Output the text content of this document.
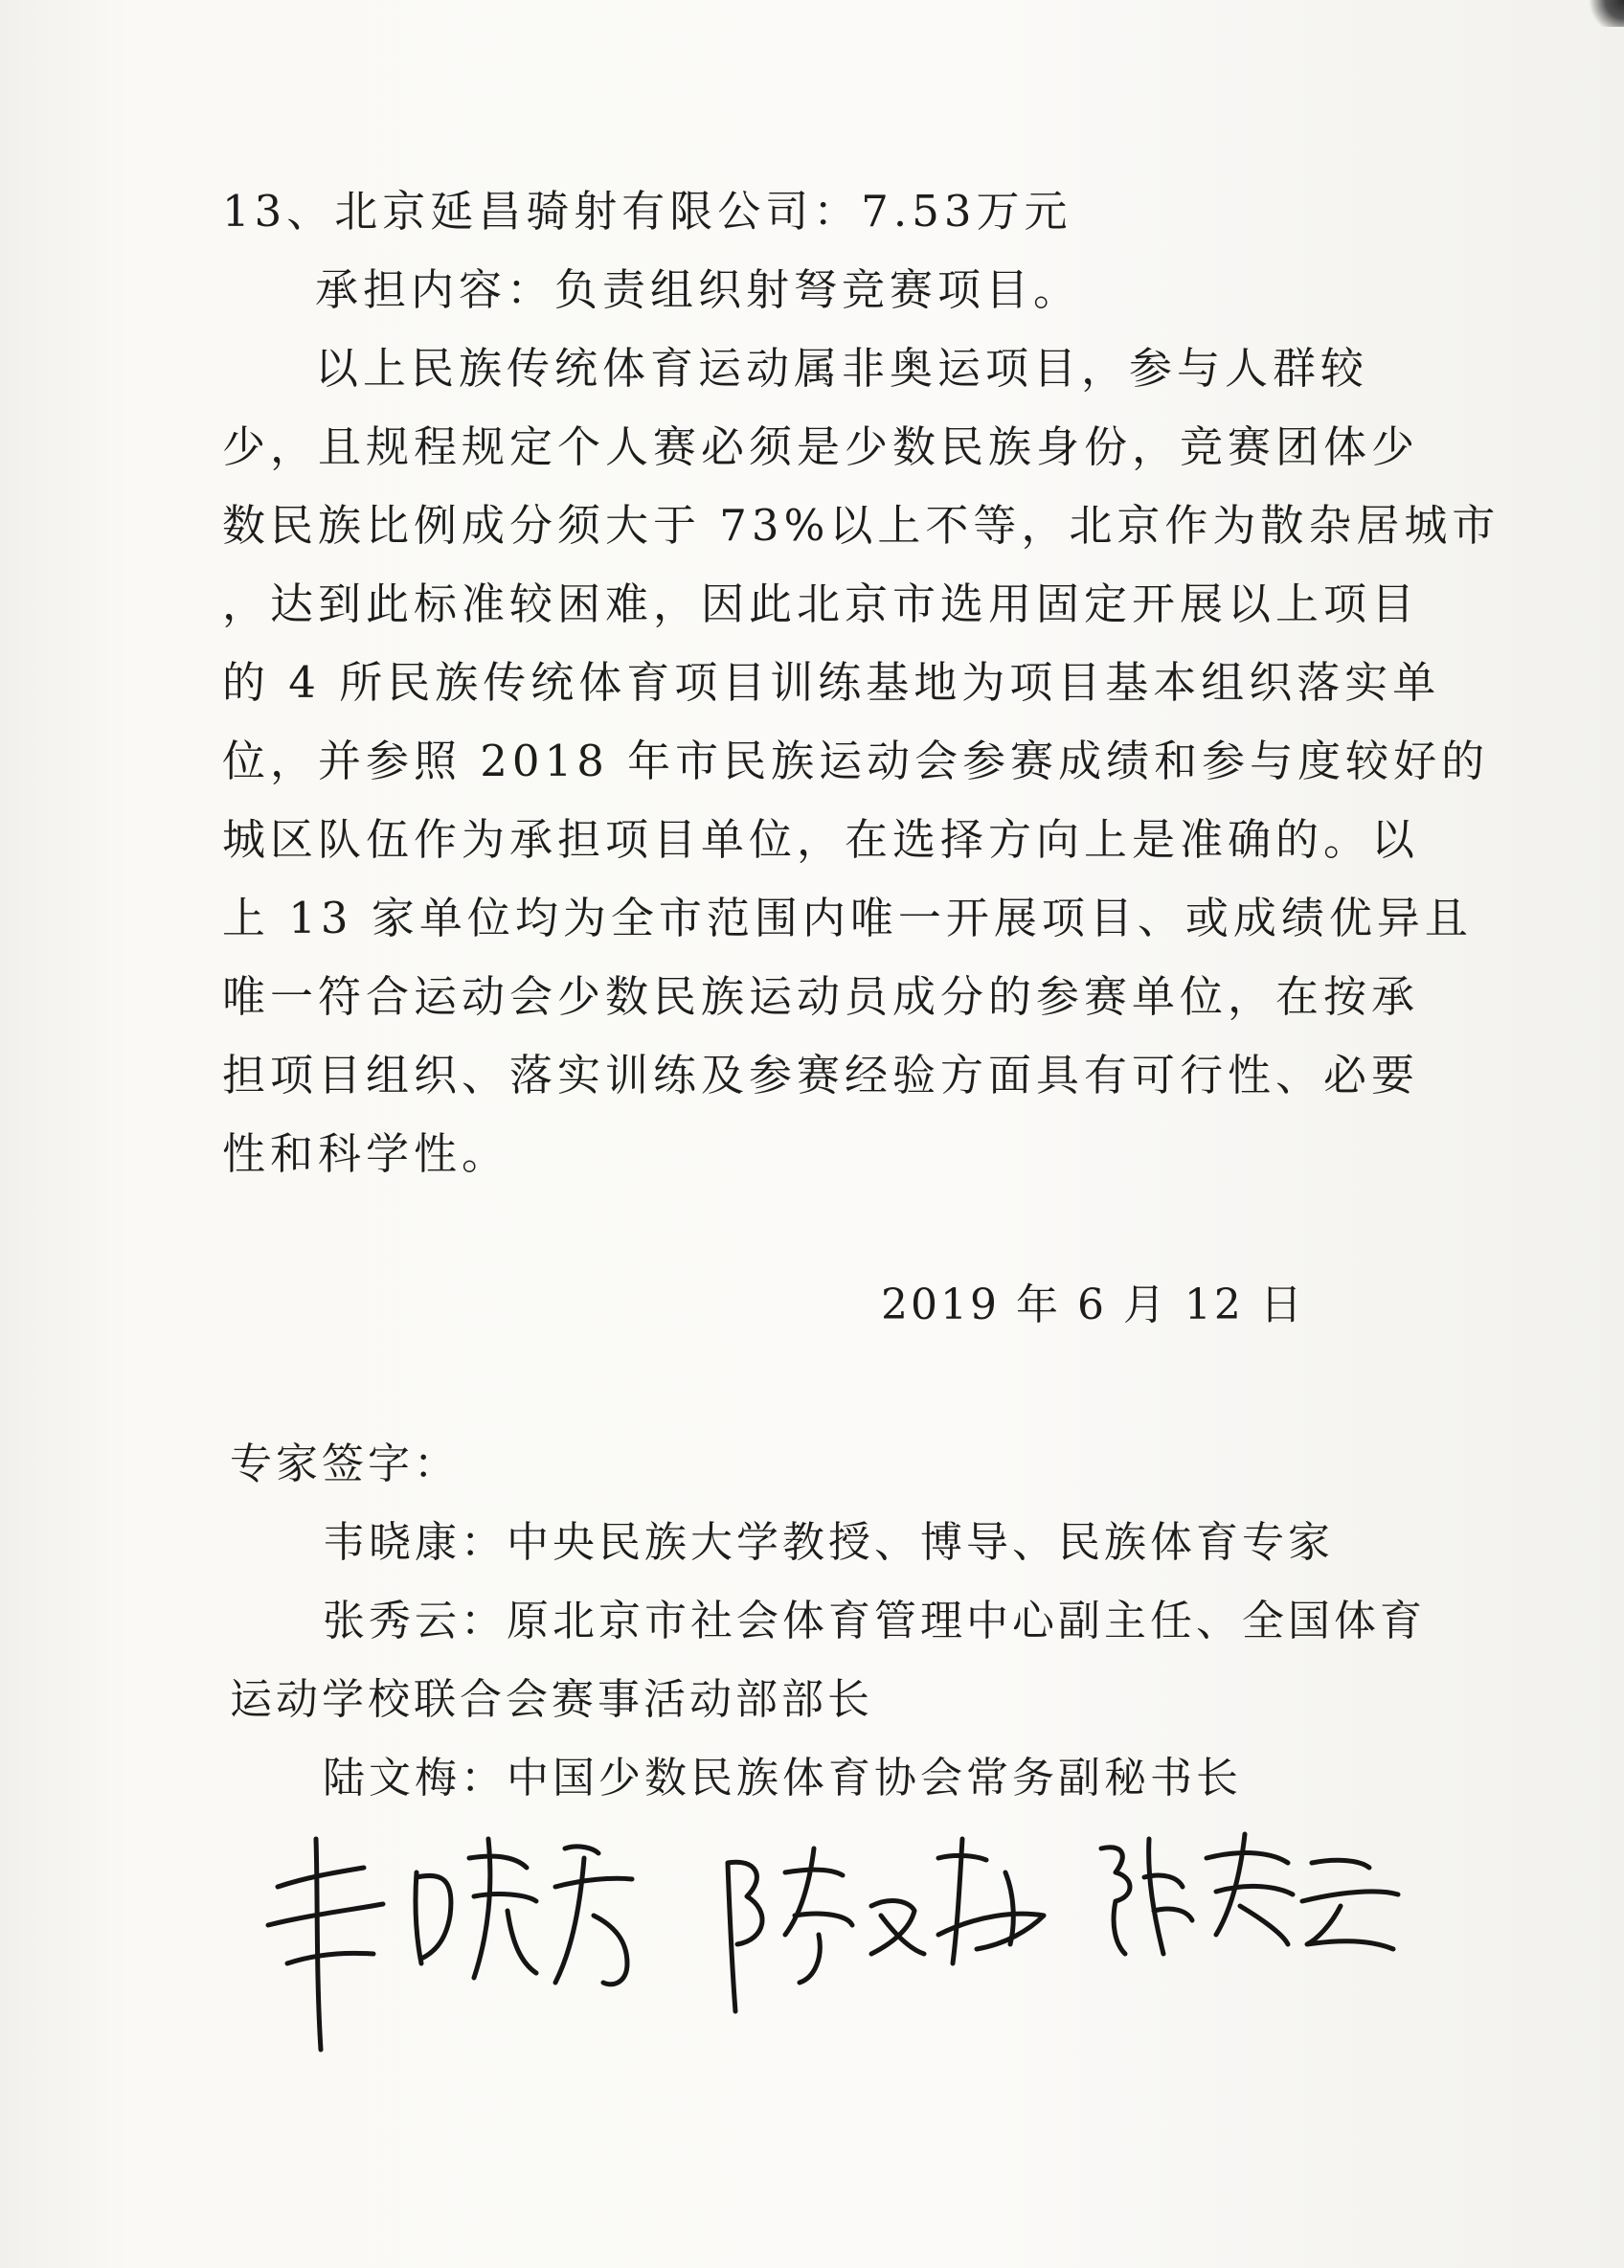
13、北京延昌骑射有限公司：7.53万元
承担内容：负责组织射弩竞赛项目。
以上民族传统体育运动属非奥运项目，参与人群较
少，且规程规定个人赛必须是少数民族身份，竞赛团体少
数民族比例成分须大于 73%以上不等，北京作为散杂居城市
，达到此标准较困难，因此北京市选用固定开展以上项目
的 4 所民族传统体育项目训练基地为项目基本组织落实单
位，并参照 2018 年市民族运动会参赛成绩和参与度较好的
城区队伍作为承担项目单位，在选择方向上是准确的。以
上 13 家单位均为全市范围内唯一开展项目、或成绩优异且
唯一符合运动会少数民族运动员成分的参赛单位，在按承
担项目组织、落实训练及参赛经验方面具有可行性、必要
性和科学性。
2019 年 6 月 12 日
专家签字：
韦晓康：中央民族大学教授、博导、民族体育专家
张秀云：原北京市社会体育管理中心副主任、全国体育
运动学校联合会赛事活动部部长
陆文梅：中国少数民族体育协会常务副秘书长
